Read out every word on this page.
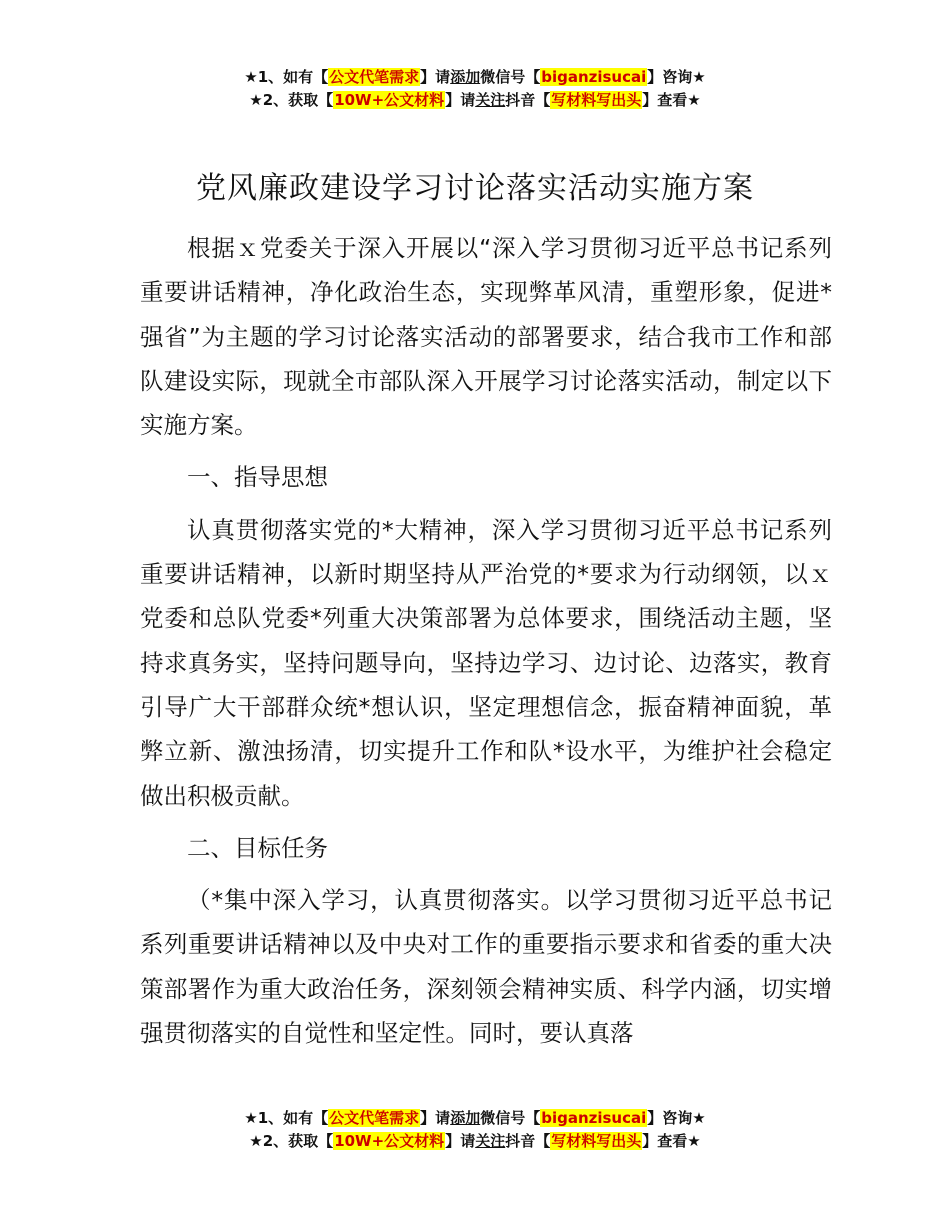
★1、如有【公文代笔需求】请添加微信号【biganzisucai】咨询★
★2、获取【10W+公文材料】请关注抖音【写材料写出头】查看★
党风廉政建设学习讨论落实活动实施方案

根据ｘ党委关于深入开展以“深入学习贯彻习近平总书记系列重要讲话精神，净化政治生态，实现弊革风清，重塑形象，促进*强省”为主题的学习讨论落实活动的部署要求，结合我市工作和部队建设实际，现就全市部队深入开展学习讨论落实活动，制定以下实施方案。

一、指导思想

认真贯彻落实党的*大精神，深入学习贯彻习近平总书记系列重要讲话精神，以新时期坚持从严治党的*要求为行动纲领，以ｘ党委和总队党委*列重大决策部署为总体要求，围绕活动主题，坚持求真务实，坚持问题导向，坚持边学习、边讨论、边落实，教育引导广大干部群众统*想认识，坚定理想信念，振奋精神面貌，革弊立新、激浊扬清，切实提升工作和队*设水平，为维护社会稳定做出积极贡献。

二、目标任务

（*集中深入学习，认真贯彻落实。以学习贯彻习近平总书记系列重要讲话精神以及中央对工作的重要指示要求和省委的重大决策部署作为重大政治任务，深刻领会精神实质、科学内涵，切实增强贯彻落实的自觉性和坚定性。同时，要认真落

★1、如有【公文代笔需求】请添加微信号【biganzisucai】咨询★
★2、获取【10W+公文材料】请关注抖音【写材料写出头】查看★
